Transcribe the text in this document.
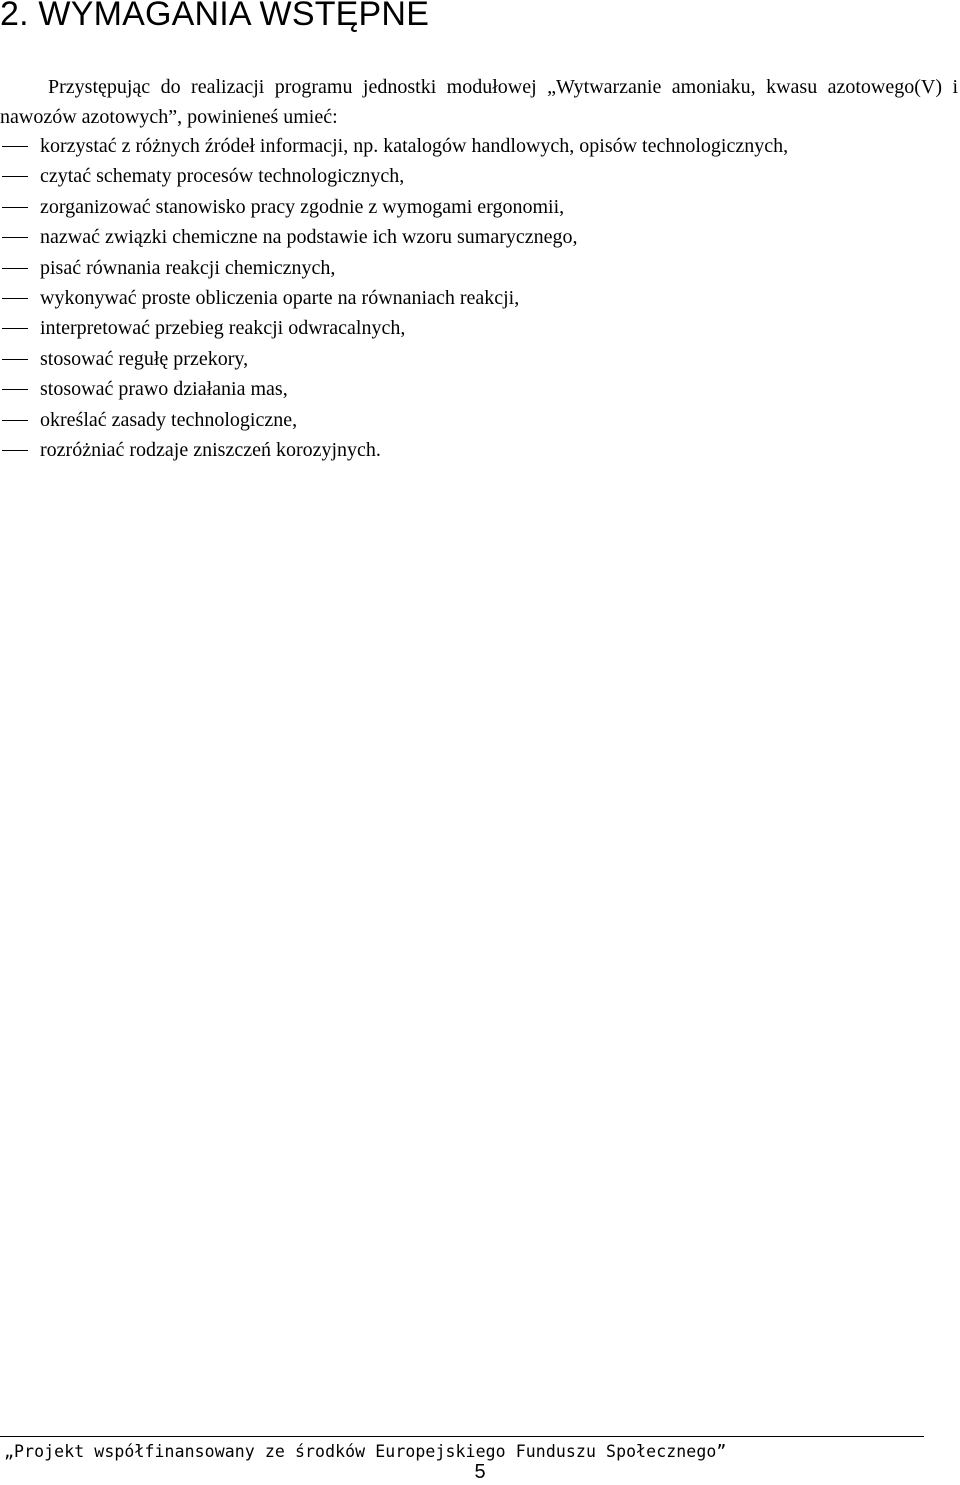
2. WYMAGANIA WSTĘPNE

Przystępując do realizacji programu jednostki modułowej „Wytwarzanie amoniaku, kwasu azotowego(V) i nawozów azotowych”, powinieneś umieć:

korzystać z różnych źródeł informacji, np. katalogów handlowych, opisów technologicznych,
czytać schematy procesów technologicznych,
zorganizować stanowisko pracy zgodnie z wymogami ergonomii,
nazwać związki chemiczne na podstawie ich wzoru sumarycznego,
pisać równania reakcji chemicznych,
wykonywać proste obliczenia oparte na równaniach reakcji,
interpretować przebieg reakcji odwracalnych,
stosować regułę przekory,
stosować prawo działania mas,
określać zasady technologiczne,
rozróżniać rodzaje zniszczeń korozyjnych.
„Projekt współfinansowany ze środków Europejskiego Funduszu Społecznego”
5
